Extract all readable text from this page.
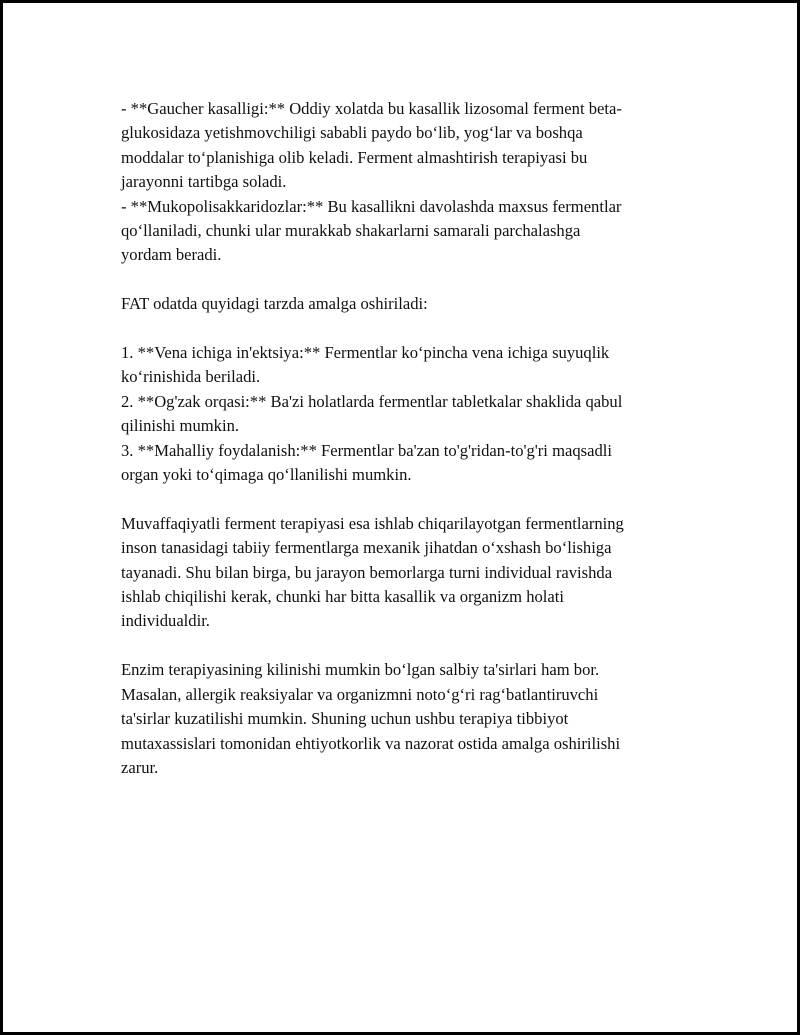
- **Gaucher kasalligi:** Oddiy xolatda bu kasallik lizosomal ferment beta-
glukosidaza yetishmovchiligi sababli paydo boʻlib, yogʻlar va boshqa
moddalar toʻplanishiga olib keladi. Ferment almashtirish terapiyasi bu
jarayonni tartibga soladi.
- **Mukopolisakkaridozlar:** Bu kasallikni davolashda maxsus fermentlar
qoʻllaniladi, chunki ular murakkab shakarlarni samarali parchalashga
yordam beradi.

FAT odatda quyidagi tarzda amalga oshiriladi:

1. **Vena ichiga in'ektsiya:** Fermentlar koʻpincha vena ichiga suyuqlik
koʻrinishida beriladi.
2. **Og'zak orqasi:** Ba'zi holatlarda fermentlar tabletkalar shaklida qabul
qilinishi mumkin.
3. **Mahalliy foydalanish:** Fermentlar ba'zan to'g'ridan-to'g'ri maqsadli
organ yoki toʻqimaga qoʻllanilishi mumkin.

Muvaffaqiyatli ferment terapiyasi esa ishlab chiqarilayotgan fermentlarning
inson tanasidagi tabiiy fermentlarga mexanik jihatdan oʻxshash boʻlishiga
tayanadi. Shu bilan birga, bu jarayon bemorlarga turni individual ravishda
ishlab chiqilishi kerak, chunki har bitta kasallik va organizm holati
individualdir.

Enzim terapiyasining kilinishi mumkin boʻlgan salbiy ta'sirlari ham bor.
Masalan, allergik reaksiyalar va organizmni notoʻgʻri ragʻbatlantiruvchi
ta'sirlar kuzatilishi mumkin. Shuning uchun ushbu terapiya tibbiyot
mutaxassislari tomonidan ehtiyotkorlik va nazorat ostida amalga oshirilishi
zarur.
